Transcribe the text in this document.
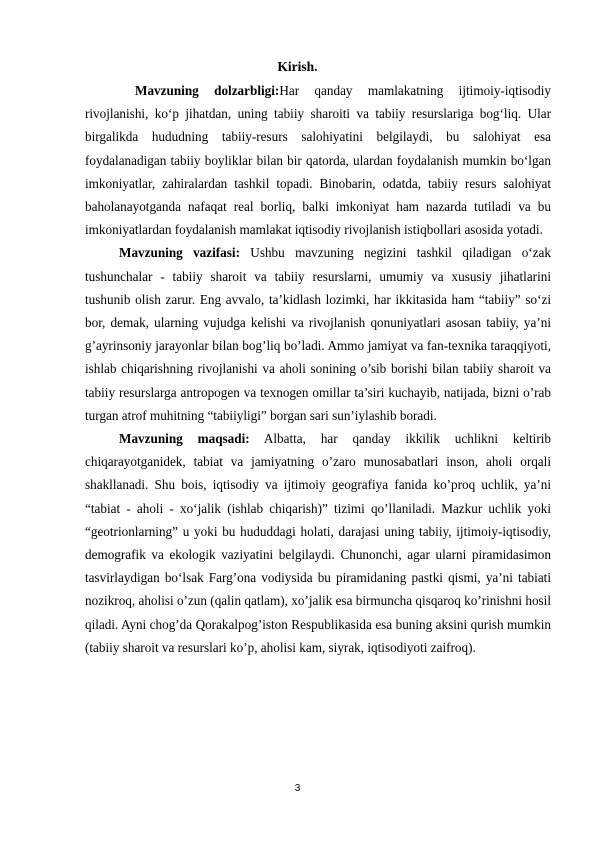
Kirish.

Mavzuning dolzarbligi:Har qanday mamlakatning ijtimoiy-iqtisodiy rivojlanishi, ko‘p jihatdan, uning tabiiy sharoiti va tabiiy resurslariga bog‘liq. Ular birgalikda hududning tabiiy-resurs salohiyatini belgilaydi, bu salohiyat esa foydalanadigan tabiiy boyliklar bilan bir qatorda, ulardan foydalanish mumkin bo‘lgan imkoniyatlar, zahiralardan tashkil topadi. Binobarin, odatda, tabiiy resurs salohiyat baholanayotganda nafaqat real borliq, balki imkoniyat ham nazarda tutiladi va bu imkoniyatlardan foydalanish mamlakat iqtisodiy rivojlanish istiqbollari asosida yotadi.

Mavzuning vazifasi: Ushbu mavzuning negizini tashkil qiladigan o‘zak tushunchalar - tabiiy sharoit va tabiiy resurslarni, umumiy va xususiy jihatlarini tushunib olish zarur. Eng avvalo, ta’kidlash lozimki, har ikkitasida ham “tabiiy” so‘zi bor, demak, ularning vujudga kelishi va rivojlanish qonuniyatlari asosan tabiiy, ya’ni g’ayrinsoniy jarayonlar bilan bog’liq bo’ladi. Ammo jamiyat va fan-texnika taraqqiyoti, ishlab chiqarishning rivojlanishi va aholi sonining o’sib borishi bilan tabiiy sharoit va tabiiy resurslarga antropogen va texnogen omillar ta’siri kuchayib, natijada, bizni o’rab turgan atrof muhitning “tabiiyligi” borgan sari sun’iylashib boradi.

Mavzuning maqsadi: Albatta, har qanday ikkilik uchlikni keltirib chiqarayotganidek, tabiat va jamiyatning o’zaro munosabatlari inson, aholi orqali shakllanadi. Shu bois, iqtisodiy va ijtimoiy geografiya fanida ko’proq uchlik, ya’ni “tabiat - aholi - xo‘jalik (ishlab chiqarish)” tizimi qo’llaniladi. Mazkur uchlik yoki “geotrionlarning” u yoki bu hududdagi holati, darajasi uning tabiiy, ijtimoiy-iqtisodiy, demografik va ekologik vaziyatini belgilaydi. Chunonchi, agar ularni piramidasimon tasvirlaydigan bo‘lsak Farg’ona vodiysida bu piramidaning pastki qismi, ya’ni tabiati nozikroq, aholisi o’zun (qalin qatlam), xo’jalik esa birmuncha qisqaroq ko’rinishni hosil qiladi. Ayni chog’da Qorakalpog’iston Respublikasida esa buning aksini qurish mumkin (tabiiy sharoit va resurslari ko’p, aholisi kam, siyrak, iqtisodiyoti zaifroq).

3
